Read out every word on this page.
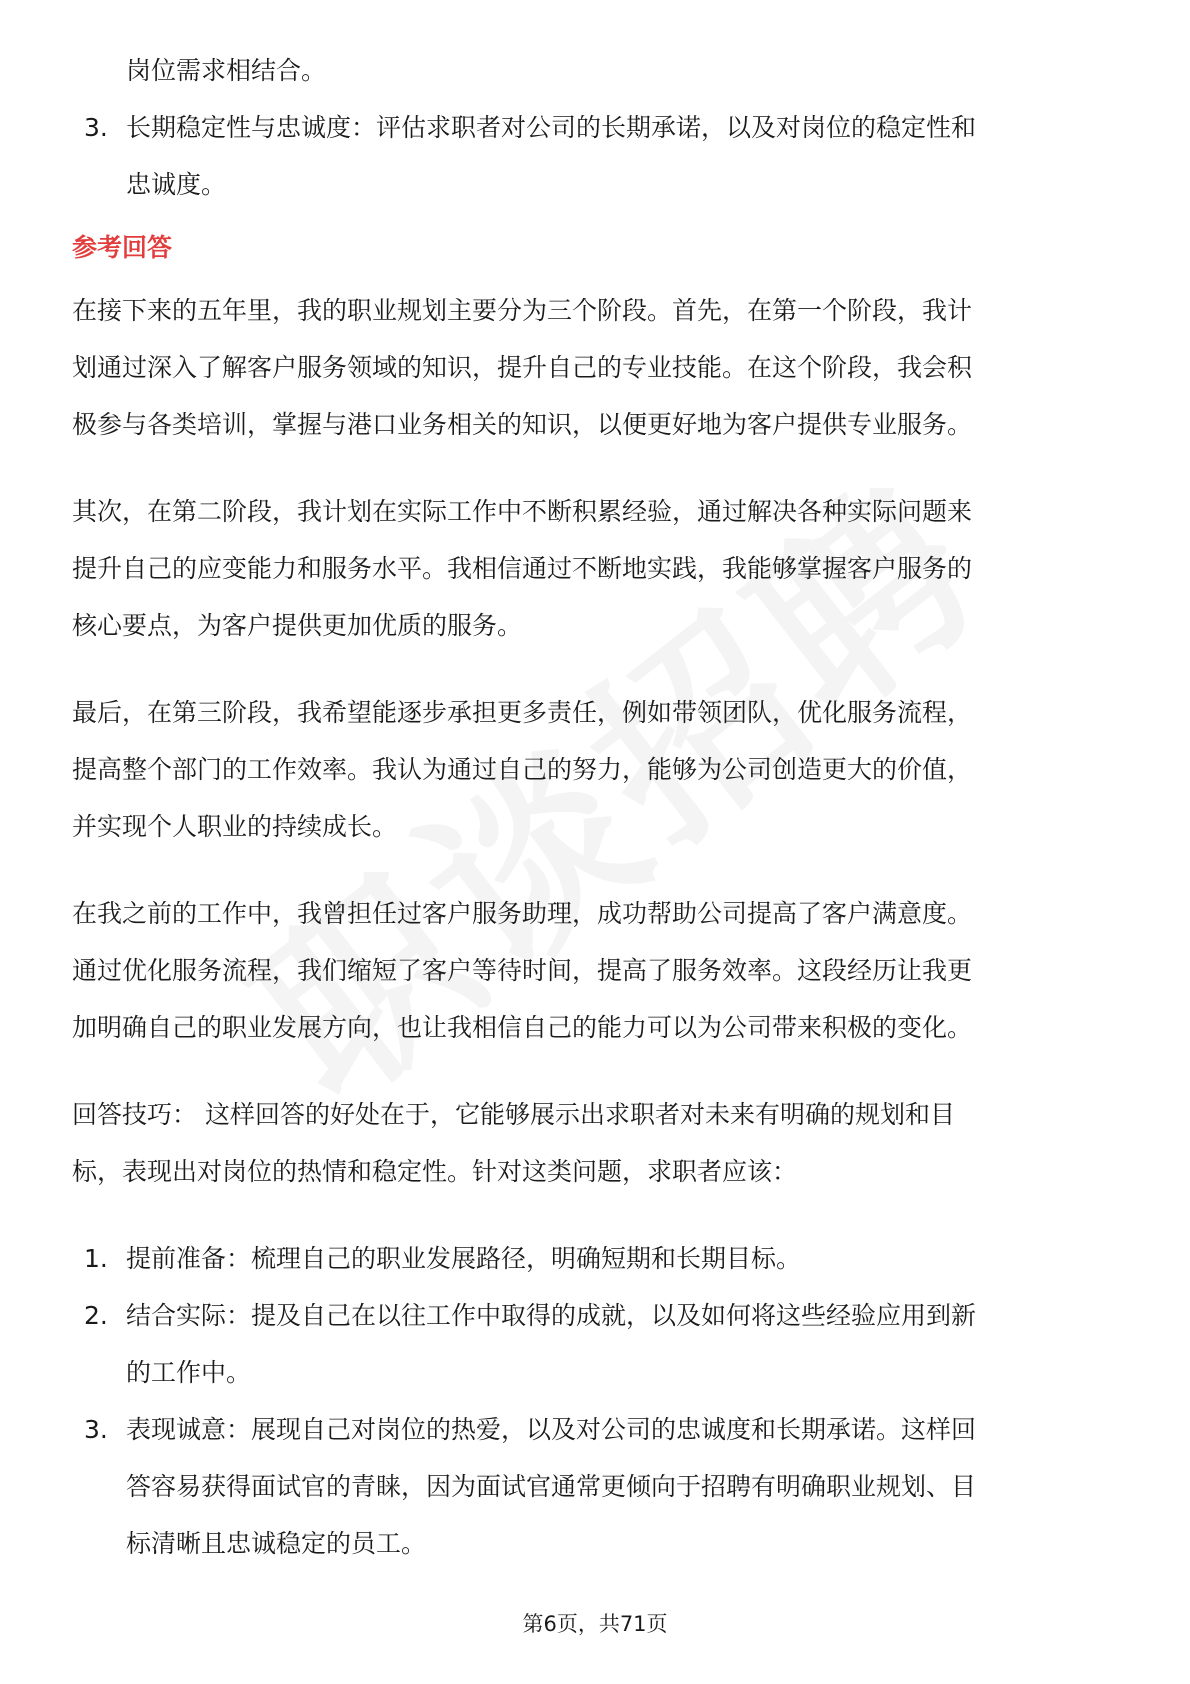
岗位需求相结合。
3. 长期稳定性与忠诚度：评估求职者对公司的长期承诺，以及对岗位的稳定性和
忠诚度。
参考回答
在接下来的五年里，我的职业规划主要分为三个阶段。首先，在第一个阶段，我计
划通过深入了解客户服务领域的知识，提升自己的专业技能。在这个阶段，我会积
极参与各类培训，掌握与港口业务相关的知识，以便更好地为客户提供专业服务。
其次，在第二阶段，我计划在实际工作中不断积累经验，通过解决各种实际问题来
提升自己的应变能力和服务水平。我相信通过不断地实践，我能够掌握客户服务的
核心要点，为客户提供更加优质的服务。
最后，在第三阶段，我希望能逐步承担更多责任，例如带领团队，优化服务流程，
提高整个部门的工作效率。我认为通过自己的努力，能够为公司创造更大的价值，
并实现个人职业的持续成长。
在我之前的工作中，我曾担任过客户服务助理，成功帮助公司提高了客户满意度。
通过优化服务流程，我们缩短了客户等待时间，提高了服务效率。这段经历让我更
加明确自己的职业发展方向，也让我相信自己的能力可以为公司带来积极的变化。
回答技巧： 这样回答的好处在于，它能够展示出求职者对未来有明确的规划和目
标，表现出对岗位的热情和稳定性。针对这类问题，求职者应该：
1. 提前准备：梳理自己的职业发展路径，明确短期和长期目标。
2. 结合实际：提及自己在以往工作中取得的成就，以及如何将这些经验应用到新
的工作中。
3. 表现诚意：展现自己对岗位的热爱，以及对公司的忠诚度和长期承诺。这样回
答容易获得面试官的青睐，因为面试官通常更倾向于招聘有明确职业规划、目
标清晰且忠诚稳定的员工。
第6页，共71页
